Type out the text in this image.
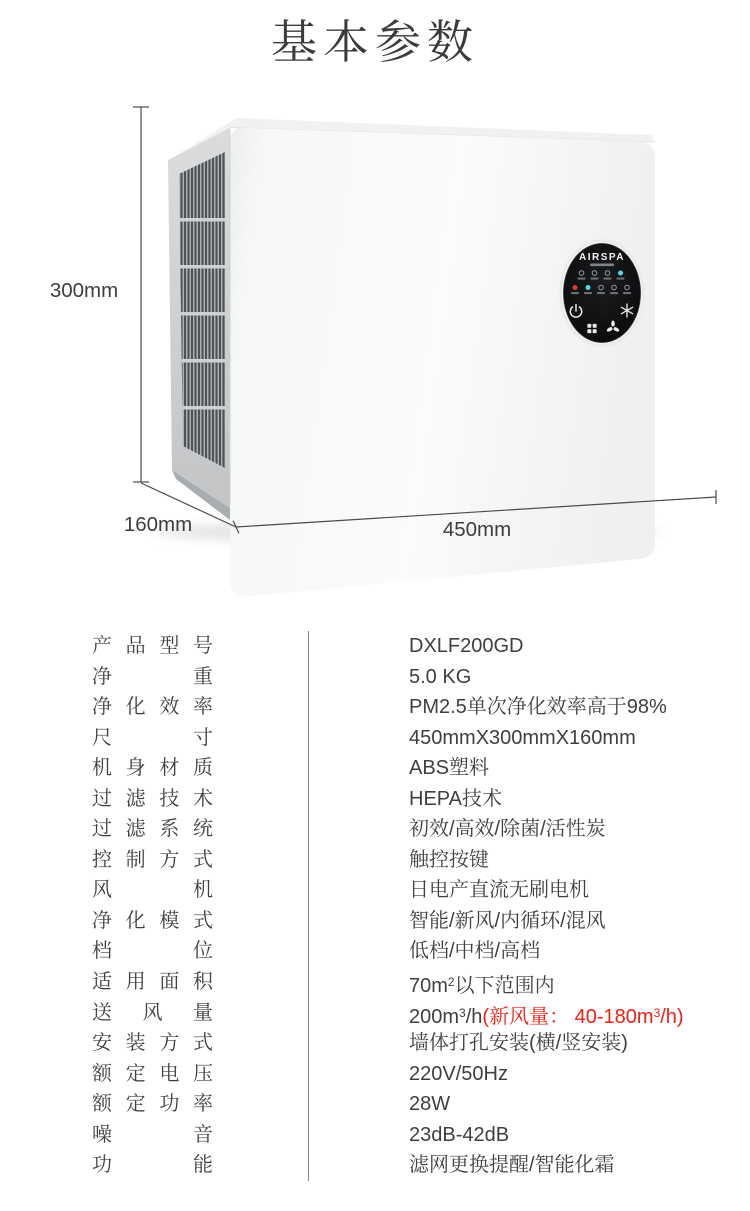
基本参数
AIRSPA
300mm
160mm	450mm
产 品 型 号	DXLF200GD
净 重	5.0 KG
净 化 效 率	PM2.5单次净化效率高于98%
尺 寸	450mmX300mmX160mm
机 身 材 质	ABS塑料
过 滤 技 术	HEPA技术
过 滤 系 统	初效/高效/除菌/活性炭
控 制 方 式	触控按键
风 机	日电产直流无刷电机
净 化 模 式	智能/新风/内循环/混风
档 位	低档/中档/高档
适 用 面 积	$70m^2$以下范围内
送 风 量	$200m^3/h$(新风量： $40-180m^3/h$)
安 装 方 式	墙体打孔安装(横/竖安装)
额 定 电 压	220V/50Hz
额 定 功 率	28W
噪 音	23dB-42dB
功 能	滤网更换提醒/智能化霜
